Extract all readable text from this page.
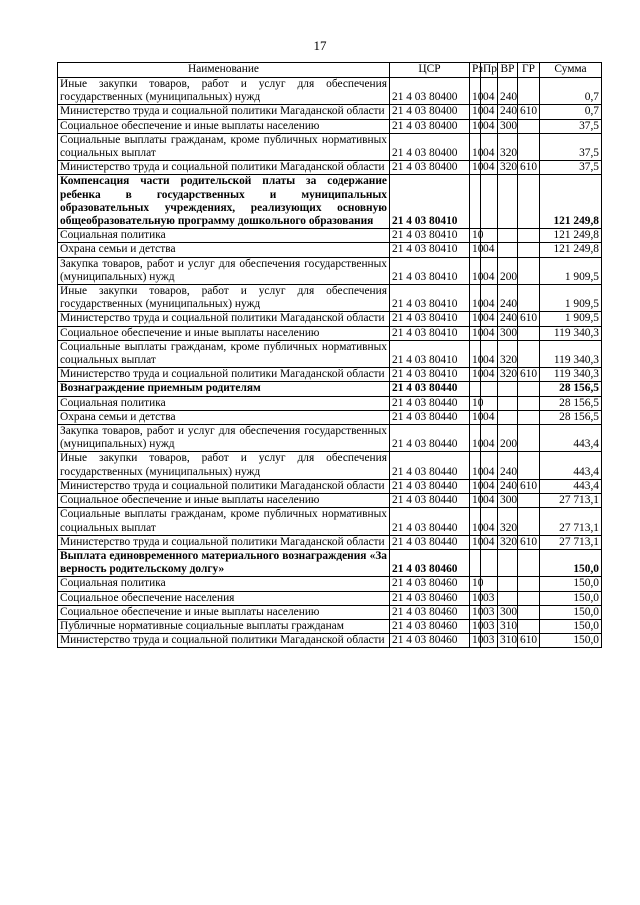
17
Наименование	ЦСР	Рз	Пр	ВР	ГР	Сумма
Иные закупки товаров, работ и услуг для обеспечения государственных (муниципальных) нужд	21 4 03 80400	10	04	240		0,7
Министерство труда и социальной политики Магаданской области	21 4 03 80400	10	04	240	610	0,7
Социальное обеспечение и иные выплаты населению	21 4 03 80400	10	04	300		37,5
Социальные выплаты гражданам, кроме публичных нормативных социальных выплат	21 4 03 80400	10	04	320		37,5
Министерство труда и социальной политики Магаданской области	21 4 03 80400	10	04	320	610	37,5
Компенсация части родительской платы за содержание ребенка в государственных и муниципальных образовательных учреждениях, реализующих основную общеобразовательную программу дошкольного образования	21 4 03 80410					121 249,8
Социальная политика	21 4 03 80410	10				121 249,8
Охрана семьи и детства	21 4 03 80410	10	04			121 249,8
Закупка товаров, работ и услуг для обеспечения государственных (муниципальных) нужд	21 4 03 80410	10	04	200		1 909,5
Иные закупки товаров, работ и услуг для обеспечения государственных (муниципальных) нужд	21 4 03 80410	10	04	240		1 909,5
Министерство труда и социальной политики Магаданской области	21 4 03 80410	10	04	240	610	1 909,5
Социальное обеспечение и иные выплаты населению	21 4 03 80410	10	04	300		119 340,3
Социальные выплаты гражданам, кроме публичных нормативных социальных выплат	21 4 03 80410	10	04	320		119 340,3
Министерство труда и социальной политики Магаданской области	21 4 03 80410	10	04	320	610	119 340,3
Вознаграждение приемным родителям	21 4 03 80440					28 156,5
Социальная политика	21 4 03 80440	10				28 156,5
Охрана семьи и детства	21 4 03 80440	10	04			28 156,5
Закупка товаров, работ и услуг для обеспечения государственных (муниципальных) нужд	21 4 03 80440	10	04	200		443,4
Иные закупки товаров, работ и услуг для обеспечения государственных (муниципальных) нужд	21 4 03 80440	10	04	240		443,4
Министерство труда и социальной политики Магаданской области	21 4 03 80440	10	04	240	610	443,4
Социальное обеспечение и иные выплаты населению	21 4 03 80440	10	04	300		27 713,1
Социальные выплаты гражданам, кроме публичных нормативных социальных выплат	21 4 03 80440	10	04	320		27 713,1
Министерство труда и социальной политики Магаданской области	21 4 03 80440	10	04	320	610	27 713,1
Выплата единовременного материального вознаграждения «За верность родительскому долгу»	21 4 03 80460					150,0
Социальная политика	21 4 03 80460	10				150,0
Социальное обеспечение населения	21 4 03 80460	10	03			150,0
Социальное обеспечение и иные выплаты населению	21 4 03 80460	10	03	300		150,0
Публичные нормативные социальные выплаты гражданам	21 4 03 80460	10	03	310		150,0
Министерство труда и социальной политики Магаданской области	21 4 03 80460	10	03	310	610	150,0
